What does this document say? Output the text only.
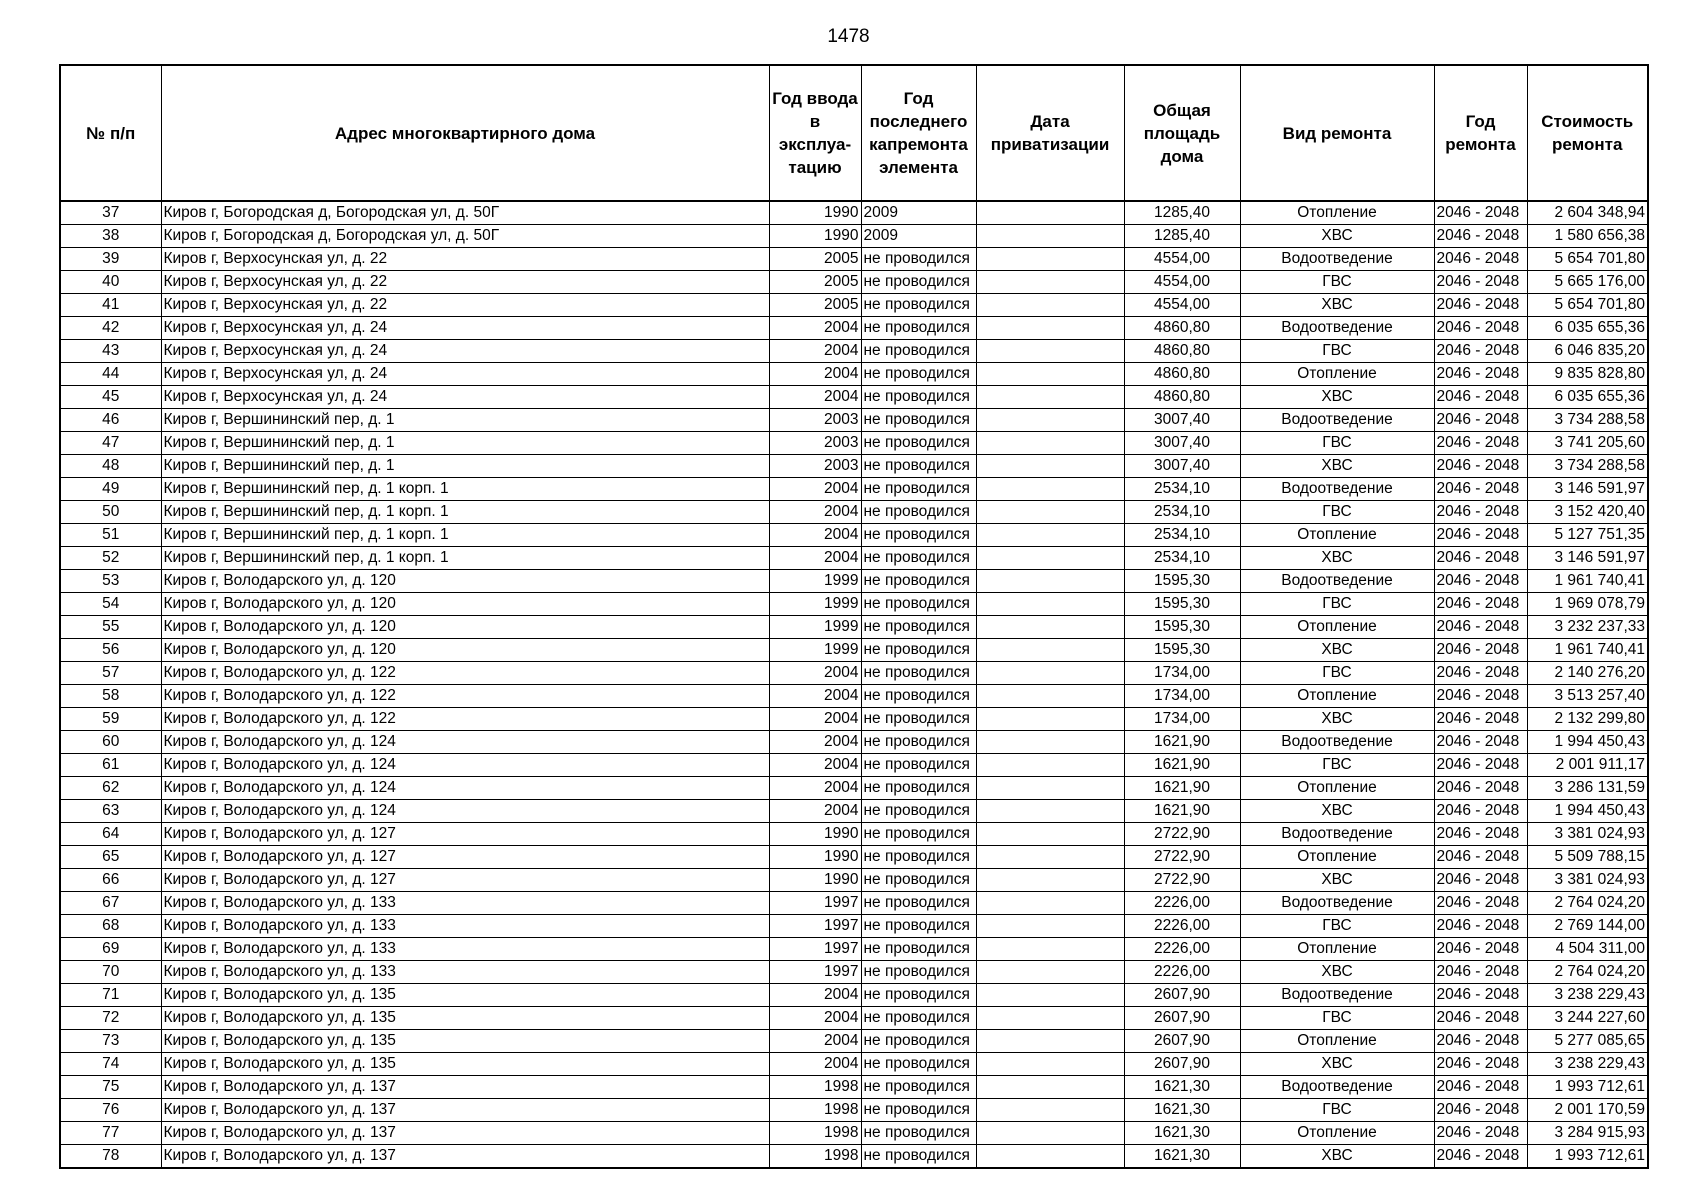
1478
№ п/п	Адрес многоквартирного дома	Год ввода в эксплуа-тацию	Год последнего капремонта элемента	Дата приватизации	Общая площадь дома	Вид ремонта	Год ремонта	Стоимость ремонта
37	Киров г, Богородская д, Богородская ул, д. 50Г	1990	2009		1285,40	Отопление	2046 - 2048	2 604 348,94
38	Киров г, Богородская д, Богородская ул, д. 50Г	1990	2009		1285,40	ХВС	2046 - 2048	1 580 656,38
39	Киров г, Верхосунская ул, д. 22	2005	не проводился		4554,00	Водоотведение	2046 - 2048	5 654 701,80
40	Киров г, Верхосунская ул, д. 22	2005	не проводился		4554,00	ГВС	2046 - 2048	5 665 176,00
41	Киров г, Верхосунская ул, д. 22	2005	не проводился		4554,00	ХВС	2046 - 2048	5 654 701,80
42	Киров г, Верхосунская ул, д. 24	2004	не проводился		4860,80	Водоотведение	2046 - 2048	6 035 655,36
43	Киров г, Верхосунская ул, д. 24	2004	не проводился		4860,80	ГВС	2046 - 2048	6 046 835,20
44	Киров г, Верхосунская ул, д. 24	2004	не проводился		4860,80	Отопление	2046 - 2048	9 835 828,80
45	Киров г, Верхосунская ул, д. 24	2004	не проводился		4860,80	ХВС	2046 - 2048	6 035 655,36
46	Киров г, Вершининский пер, д. 1	2003	не проводился		3007,40	Водоотведение	2046 - 2048	3 734 288,58
47	Киров г, Вершининский пер, д. 1	2003	не проводился		3007,40	ГВС	2046 - 2048	3 741 205,60
48	Киров г, Вершининский пер, д. 1	2003	не проводился		3007,40	ХВС	2046 - 2048	3 734 288,58
49	Киров г, Вершининский пер, д. 1 корп. 1	2004	не проводился		2534,10	Водоотведение	2046 - 2048	3 146 591,97
50	Киров г, Вершининский пер, д. 1 корп. 1	2004	не проводился		2534,10	ГВС	2046 - 2048	3 152 420,40
51	Киров г, Вершининский пер, д. 1 корп. 1	2004	не проводился		2534,10	Отопление	2046 - 2048	5 127 751,35
52	Киров г, Вершининский пер, д. 1 корп. 1	2004	не проводился		2534,10	ХВС	2046 - 2048	3 146 591,97
53	Киров г, Володарского ул, д. 120	1999	не проводился		1595,30	Водоотведение	2046 - 2048	1 961 740,41
54	Киров г, Володарского ул, д. 120	1999	не проводился		1595,30	ГВС	2046 - 2048	1 969 078,79
55	Киров г, Володарского ул, д. 120	1999	не проводился		1595,30	Отопление	2046 - 2048	3 232 237,33
56	Киров г, Володарского ул, д. 120	1999	не проводился		1595,30	ХВС	2046 - 2048	1 961 740,41
57	Киров г, Володарского ул, д. 122	2004	не проводился		1734,00	ГВС	2046 - 2048	2 140 276,20
58	Киров г, Володарского ул, д. 122	2004	не проводился		1734,00	Отопление	2046 - 2048	3 513 257,40
59	Киров г, Володарского ул, д. 122	2004	не проводился		1734,00	ХВС	2046 - 2048	2 132 299,80
60	Киров г, Володарского ул, д. 124	2004	не проводился		1621,90	Водоотведение	2046 - 2048	1 994 450,43
61	Киров г, Володарского ул, д. 124	2004	не проводился		1621,90	ГВС	2046 - 2048	2 001 911,17
62	Киров г, Володарского ул, д. 124	2004	не проводился		1621,90	Отопление	2046 - 2048	3 286 131,59
63	Киров г, Володарского ул, д. 124	2004	не проводился		1621,90	ХВС	2046 - 2048	1 994 450,43
64	Киров г, Володарского ул, д. 127	1990	не проводился		2722,90	Водоотведение	2046 - 2048	3 381 024,93
65	Киров г, Володарского ул, д. 127	1990	не проводился		2722,90	Отопление	2046 - 2048	5 509 788,15
66	Киров г, Володарского ул, д. 127	1990	не проводился		2722,90	ХВС	2046 - 2048	3 381 024,93
67	Киров г, Володарского ул, д. 133	1997	не проводился		2226,00	Водоотведение	2046 - 2048	2 764 024,20
68	Киров г, Володарского ул, д. 133	1997	не проводился		2226,00	ГВС	2046 - 2048	2 769 144,00
69	Киров г, Володарского ул, д. 133	1997	не проводился		2226,00	Отопление	2046 - 2048	4 504 311,00
70	Киров г, Володарского ул, д. 133	1997	не проводился		2226,00	ХВС	2046 - 2048	2 764 024,20
71	Киров г, Володарского ул, д. 135	2004	не проводился		2607,90	Водоотведение	2046 - 2048	3 238 229,43
72	Киров г, Володарского ул, д. 135	2004	не проводился		2607,90	ГВС	2046 - 2048	3 244 227,60
73	Киров г, Володарского ул, д. 135	2004	не проводился		2607,90	Отопление	2046 - 2048	5 277 085,65
74	Киров г, Володарского ул, д. 135	2004	не проводился		2607,90	ХВС	2046 - 2048	3 238 229,43
75	Киров г, Володарского ул, д. 137	1998	не проводился		1621,30	Водоотведение	2046 - 2048	1 993 712,61
76	Киров г, Володарского ул, д. 137	1998	не проводился		1621,30	ГВС	2046 - 2048	2 001 170,59
77	Киров г, Володарского ул, д. 137	1998	не проводился		1621,30	Отопление	2046 - 2048	3 284 915,93
78	Киров г, Володарского ул, д. 137	1998	не проводился		1621,30	ХВС	2046 - 2048	1 993 712,61
